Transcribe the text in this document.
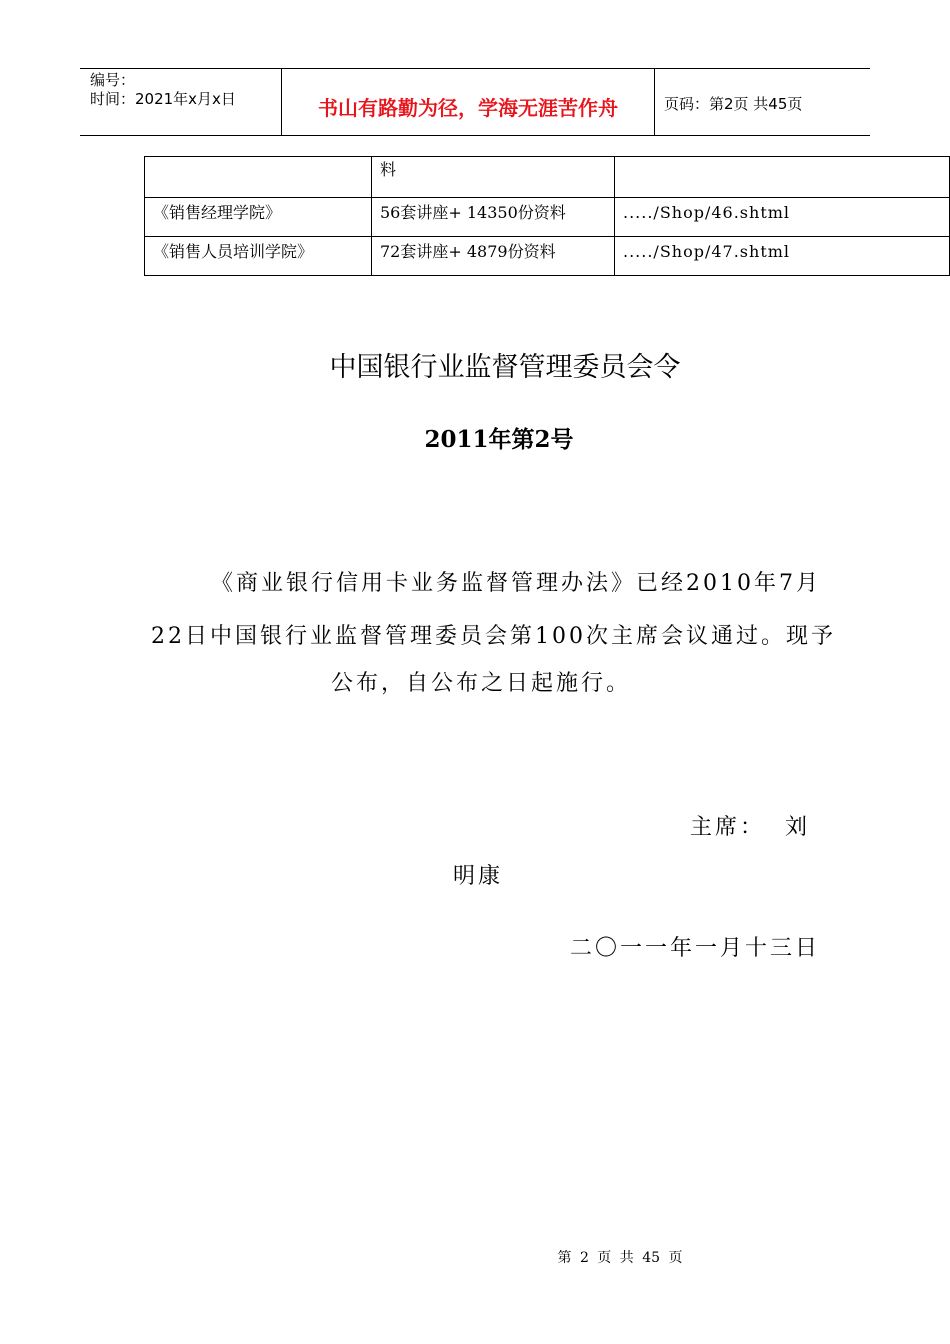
编号：
时间：2021年x月x日	书山有路勤为径，学海无涯苦作舟	页码：第2页 共45页
	料	
《销售经理学院》	56套讲座+ 14350份资料	...../Shop/46.shtml
《销售人员培训学院》	72套讲座+ 4879份资料	...../Shop/47.shtml
中国银行业监督管理委员会令
2011年第2号
《商业银行信用卡业务监督管理办法》已经2010年7月
22日中国银行业监督管理委员会第100次主席会议通过。现予
公布，自公布之日起施行。
主席：  刘
明康
二〇一一年一月十三日
第 2 页 共 45 页
